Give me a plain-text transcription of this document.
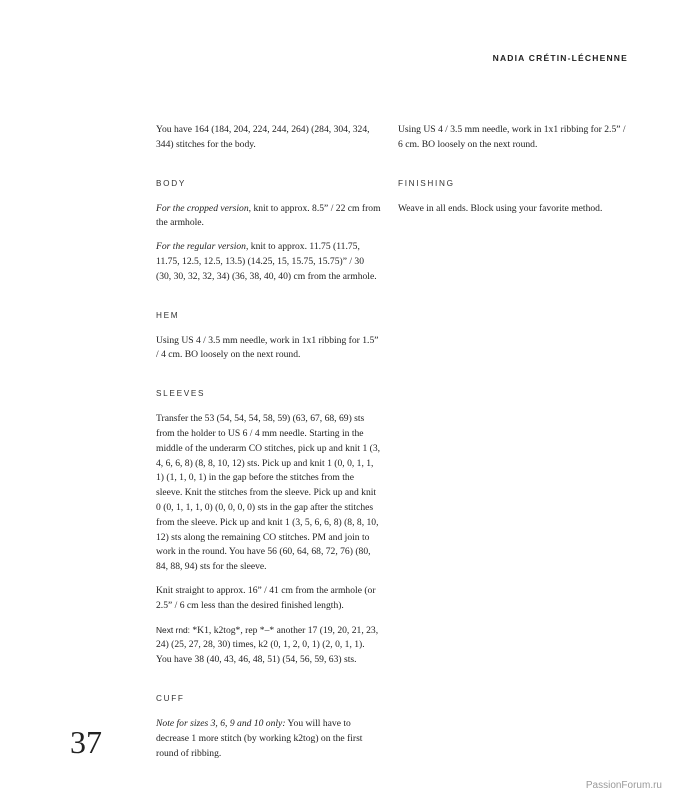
NADIA CRÉTIN-LÉCHENNE

You have 164 (184, 204, 224, 244, 264) (284, 304, 324, 344) stitches for the body.

BODY

For the cropped version, knit to approx. 8.5” / 22 cm from the armhole.

For the regular version, knit to approx. 11.75 (11.75, 11.75, 12.5, 12.5, 13.5) (14.25, 15, 15.75, 15.75)” / 30 (30, 30, 32, 32, 34) (36, 38, 40, 40) cm from the armhole.

HEM

Using US 4 / 3.5 mm needle, work in 1x1 ribbing for 1.5” / 4 cm. BO loosely on the next round.

SLEEVES

Transfer the 53 (54, 54, 54, 58, 59) (63, 67, 68, 69) sts from the holder to US 6 / 4 mm needle. Starting in the middle of the underarm CO stitches, pick up and knit 1 (3, 4, 6, 6, 8) (8, 8, 10, 12) sts. Pick up and knit 1 (0, 0, 1, 1, 1) (1, 1, 0, 1) in the gap before the stitches from the sleeve. Knit the stitches from the sleeve. Pick up and knit 0 (0, 1, 1, 1, 0) (0, 0, 0, 0) sts in the gap after the stitches from the sleeve. Pick up and knit 1 (3, 5, 6, 6, 8) (8, 8, 10, 12) sts along the remaining CO stitches. PM and join to work in the round. You have 56 (60, 64, 68, 72, 76) (80, 84, 88, 94) sts for the sleeve.

Knit straight to approx. 16” / 41 cm from the armhole (or 2.5” / 6 cm less than the desired finished length).

Next rnd: *K1, k2tog*, rep *–* another 17 (19, 20, 21, 23, 24) (25, 27, 28, 30) times, k2 (0, 1, 2, 0, 1) (2, 0, 1, 1). You have 38 (40, 43, 46, 48, 51) (54, 56, 59, 63) sts.

CUFF

Note for sizes 3, 6, 9 and 10 only: You will have to decrease 1 more stitch (by working k2tog) on the first round of ribbing.

Using US 4 / 3.5 mm needle, work in 1x1 ribbing for 2.5” / 6 cm. BO loosely on the next round.

FINISHING

Weave in all ends. Block using your favorite method.

37
PassionForum.ru
